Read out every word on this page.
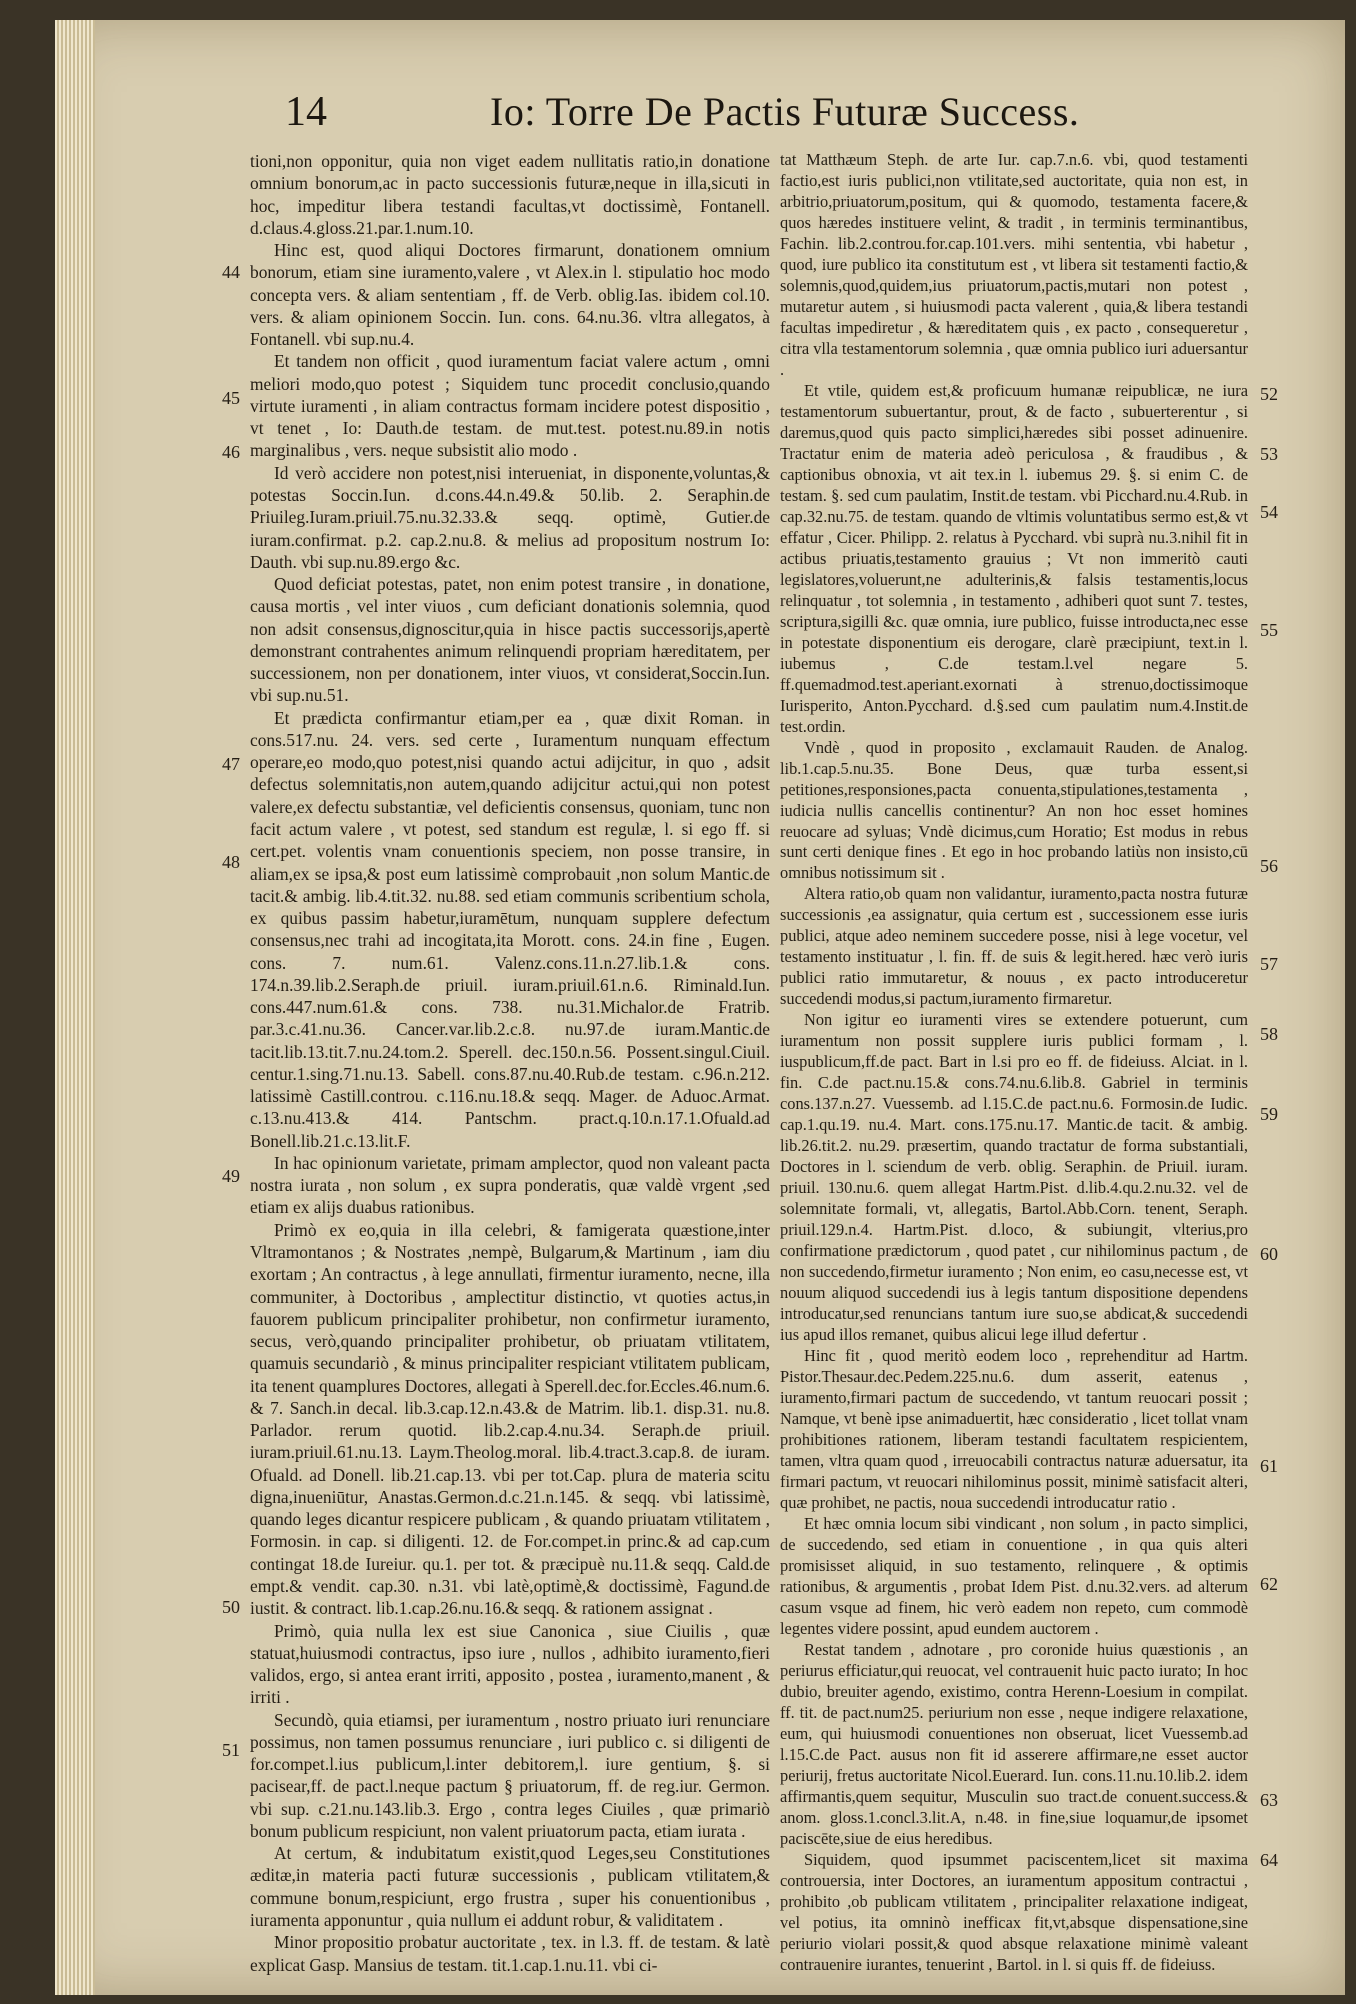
14	Io: Torre De Pactis Futuræ Success.

tioni,non opponitur, quia non viget eadem nullitatis ratio,in donatione omnium bonorum,ac in pacto successionis futuræ,neque in illa,sicuti in hoc, impeditur libera testandi facultas,vt doctissimè, Fontanell. d.claus.4.gloss.21.par.1.num.10.

Hinc est, quod aliqui Doctores firmarunt, donationem omnium bonorum, etiam sine iuramento,valere , vt Alex.in l. stipulatio hoc modo concepta vers. & aliam sententiam , ff. de Verb. oblig.Ias. ibidem col.10. vers. & aliam opinionem Soccin. Iun. cons. 64.nu.36. vltra allegatos, à Fontanell. vbi sup.nu.4.

Et tandem non officit , quod iuramentum faciat valere actum , omni meliori modo,quo potest ; Siquidem tunc procedit conclusio,quando virtute iuramenti , in aliam contractus formam incidere potest dispositio , vt tenet , Io: Dauth.de testam. de mut.test. potest.nu.89.in notis marginalibus , vers. neque subsistit alio modo .

Id verò accidere non potest,nisi interueniat, in disponente,voluntas,& potestas Soccin.Iun. d.cons.44.n.49.& 50.lib. 2. Seraphin.de Priuileg.Iuram.priuil.75.nu.32.33.& seqq. optimè, Gutier.de iuram.confirmat. p.2. cap.2.nu.8. & melius ad propositum nostrum Io: Dauth. vbi sup.nu.89.ergo &c.

Quod deficiat potestas, patet, non enim potest transire , in donatione, causa mortis , vel inter viuos , cum deficiant donationis solemnia, quod non adsit consensus,dignoscitur,quia in hisce pactis successorijs,apertè demonstrant contrahentes animum relinquendi propriam hæreditatem, per successionem, non per donationem, inter viuos, vt considerat,Soccin.Iun. vbi sup.nu.51.

Et prædicta confirmantur etiam,per ea , quæ dixit Roman. in cons.517.nu. 24. vers. sed certe , Iuramentum nunquam effectum operare,eo modo,quo potest,nisi quando actui adijcitur, in quo , adsit defectus solemnitatis,non autem,quando adijcitur actui,qui non potest valere,ex defectu substantiæ, vel deficientis consensus, quoniam, tunc non facit actum valere , vt potest, sed standum est regulæ, l. si ego ff. si cert.pet. volentis vnam conuentionis speciem, non posse transire, in aliam,ex se ipsa,& post eum latissimè comprobauit ,non solum Mantic.de tacit.& ambig. lib.4.tit.32. nu.88. sed etiam communis scribentium schola, ex quibus passim habetur,iuramētum, nunquam supplere defectum consensus,nec trahi ad incogitata,ita Morott. cons. 24.in fine , Eugen. cons. 7. num.61. Valenz.cons.11.n.27.lib.1.& cons. 174.n.39.lib.2.Seraph.de priuil. iuram.priuil.61.n.6. Riminald.Iun. cons.447.num.61.& cons. 738. nu.31.Michalor.de Fratrib. par.3.c.41.nu.36. Cancer.var.lib.2.c.8. nu.97.de iuram.Mantic.de tacit.lib.13.tit.7.nu.24.tom.2. Sperell. dec.150.n.56. Possent.singul.Ciuil. centur.1.sing.71.nu.13. Sabell. cons.87.nu.40.Rub.de testam. c.96.n.212. latissimè Castill.controu. c.116.nu.18.& seqq. Mager. de Aduoc.Armat. c.13.nu.413.& 414. Pantschm. pract.q.10.n.17.1.Ofuald.ad Bonell.lib.21.c.13.lit.F.

In hac opinionum varietate, primam amplector, quod non valeant pacta nostra iurata , non solum , ex supra ponderatis, quæ valdè vrgent ,sed etiam ex alijs duabus rationibus.

Primò ex eo,quia in illa celebri, & famigerata quæstione,inter Vltramontanos ; & Nostrates ,nempè, Bulgarum,& Martinum , iam diu exortam ; An contractus , à lege annullati, firmentur iuramento, necne, illa communiter, à Doctoribus , amplectitur distinctio, vt quoties actus,in fauorem publicum principaliter prohibetur, non confirmetur iuramento, secus, verò,quando principaliter prohibetur, ob priuatam vtilitatem, quamuis secundariò , & minus principaliter respiciant vtilitatem publicam, ita tenent quamplures Doctores, allegati à Sperell.dec.for.Eccles.46.num.6. & 7. Sanch.in decal. lib.3.cap.12.n.43.& de Matrim. lib.1. disp.31. nu.8. Parlador. rerum quotid. lib.2.cap.4.nu.34. Seraph.de priuil. iuram.priuil.61.nu.13. Laym.Theolog.moral. lib.4.tract.3.cap.8. de iuram. Ofuald. ad Donell. lib.21.cap.13. vbi per tot.Cap. plura de materia scitu digna,inueniūtur, Anastas.Germon.d.c.21.n.145. & seqq. vbi latissimè, quando leges dicantur respicere publicam , & quando priuatam vtilitatem , Formosin. in cap. si diligenti. 12. de For.compet.in princ.& ad cap.cum contingat 18.de Iureiur. qu.1. per tot. & præcipuè nu.11.& seqq. Cald.de empt.& vendit. cap.30. n.31. vbi latè,optimè,& doctissimè, Fagund.de iustit. & contract. lib.1.cap.26.nu.16.& seqq. & rationem assignat .

Primò, quia nulla lex est siue Canonica , siue Ciuilis , quæ statuat,huiusmodi contractus, ipso iure , nullos , adhibito iuramento,fieri validos, ergo, si antea erant irriti, apposito , postea , iuramento,manent , & irriti .

Secundò, quia etiamsi, per iuramentum , nostro priuato iuri renunciare possimus, non tamen possumus renunciare , iuri publico c. si diligenti de for.compet.l.ius publicum,l.inter debitorem,l. iure gentium, §. si pacisear,ff. de pact.l.neque pactum § priuatorum, ff. de reg.iur. Germon. vbi sup. c.21.nu.143.lib.3. Ergo , contra leges Ciuiles , quæ primariò bonum publicum respiciunt, non valent priuatorum pacta, etiam iurata .

At certum, & indubitatum existit,quod Leges,seu Constitutiones æditæ,in materia pacti futuræ successionis , publicam vtilitatem,& commune bonum,respiciunt, ergo frustra , super his conuentionibus , iuramenta apponuntur , quia nullum ei addunt robur, & validitatem .

Minor propositio probatur auctoritate , tex. in l.3. ff. de testam. & latè explicat Gasp. Mansius de testam. tit.1.cap.1.nu.11. vbi ci-

tat Matthæum Steph. de arte Iur. cap.7.n.6. vbi, quod testamenti factio,est iuris publici,non vtilitate,sed auctoritate, quia non est, in arbitrio,priuatorum,positum, qui & quomodo, testamenta facere,& quos hæredes instituere velint, & tradit , in terminis terminantibus, Fachin. lib.2.controu.for.cap.101.vers. mihi sententia, vbi habetur , quod, iure publico ita constitutum est , vt libera sit testamenti factio,& solemnis,quod,quidem,ius priuatorum,pactis,mutari non potest , mutaretur autem , si huiusmodi pacta valerent , quia,& libera testandi facultas impediretur , & hæreditatem quis , ex pacto , consequeretur , citra vlla testamentorum solemnia , quæ omnia publico iuri aduersantur .

Et vtile, quidem est,& proficuum humanæ reipublicæ, ne iura testamentorum subuertantur, prout, & de facto , subuerterentur , si daremus,quod quis pacto simplici,hæredes sibi posset adinuenire. Tractatur enim de materia adeò periculosa , & fraudibus , & captionibus obnoxia, vt ait tex.in l. iubemus 29. §. si enim C. de testam. §. sed cum paulatim, Instit.de testam. vbi Picchard.nu.4.Rub. in cap.32.nu.75. de testam. quando de vltimis voluntatibus sermo est,& vt effatur , Cicer. Philipp. 2. relatus à Pycchard. vbi suprà nu.3.nihil fit in actibus priuatis,testamento grauius ; Vt non immeritò cauti legislatores,voluerunt,ne adulterinis,& falsis testamentis,locus relinquatur , tot solemnia , in testamento , adhiberi quot sunt 7. testes, scriptura,sigilli &c. quæ omnia, iure publico, fuisse introducta,nec esse in potestate disponentium eis derogare, clarè præcipiunt, text.in l. iubemus , C.de testam.l.vel negare 5. ff.quemadmod.test.aperiant.exornati à strenuo,doctissimoque Iurisperito, Anton.Pycchard. d.§.sed cum paulatim num.4.Instit.de test.ordin.

Vndè , quod in proposito , exclamauit Rauden. de Analog. lib.1.cap.5.nu.35. Bone Deus, quæ turba essent,si petitiones,responsiones,pacta conuenta,stipulationes,testamenta , iudicia nullis cancellis continentur? An non hoc esset homines reuocare ad syluas; Vndè dicimus,cum Horatio; Est modus in rebus sunt certi denique fines . Et ego in hoc probando latiùs non insisto,cū omnibus notissimum sit .

Altera ratio,ob quam non validantur, iuramento,pacta nostra futuræ successionis ,ea assignatur, quia certum est , successionem esse iuris publici, atque adeo neminem succedere posse, nisi à lege vocetur, vel testamento instituatur , l. fin. ff. de suis & legit.hered. hæc verò iuris publici ratio immutaretur, & nouus , ex pacto introduceretur succedendi modus,si pactum,iuramento firmaretur.

Non igitur eo iuramenti vires se extendere potuerunt, cum iuramentum non possit supplere iuris publici formam , l. iuspublicum,ff.de pact. Bart in l.si pro eo ff. de fideiuss. Alciat. in l. fin. C.de pact.nu.15.& cons.74.nu.6.lib.8. Gabriel in terminis cons.137.n.27. Vuessemb. ad l.15.C.de pact.nu.6. Formosin.de Iudic. cap.1.qu.19. nu.4. Mart. cons.175.nu.17. Mantic.de tacit. & ambig. lib.26.tit.2. nu.29. præsertim, quando tractatur de forma substantiali, Doctores in l. sciendum de verb. oblig. Seraphin. de Priuil. iuram. priuil. 130.nu.6. quem allegat Hartm.Pist. d.lib.4.qu.2.nu.32. vel de solemnitate formali, vt, allegatis, Bartol.Abb.Corn. tenent, Seraph. priuil.129.n.4. Hartm.Pist. d.loco, & subiungit, vlterius,pro confirmatione prædictorum , quod patet , cur nihilominus pactum , de non succedendo,firmetur iuramento ; Non enim, eo casu,necesse est, vt nouum aliquod succedendi ius à legis tantum dispositione dependens introducatur,sed renuncians tantum iure suo,se abdicat,& succedendi ius apud illos remanet, quibus alicui lege illud defertur .

Hinc fit , quod meritò eodem loco , reprehenditur ad Hartm. Pistor.Thesaur.dec.Pedem.225.nu.6. dum asserit, eatenus , iuramento,firmari pactum de succedendo, vt tantum reuocari possit ; Namque, vt benè ipse animaduertit, hæc consideratio , licet tollat vnam prohibitiones rationem, liberam testandi facultatem respicientem, tamen, vltra quam quod , irreuocabili contractus naturæ aduersatur, ita firmari pactum, vt reuocari nihilominus possit, minimè satisfacit alteri, quæ prohibet, ne pactis, noua succedendi introducatur ratio .

Et hæc omnia locum sibi vindicant , non solum , in pacto simplici, de succedendo, sed etiam in conuentione , in qua quis alteri promisisset aliquid, in suo testamento, relinquere , & optimis rationibus, & argumentis , probat Idem Pist. d.nu.32.vers. ad alterum casum vsque ad finem, hic verò eadem non repeto, cum commodè legentes videre possint, apud eundem auctorem .

Restat tandem , adnotare , pro coronide huius quæstionis , an periurus efficiatur,qui reuocat, vel contrauenit huic pacto iurato; In hoc dubio, breuiter agendo, existimo, contra Herenn-Loesium in compilat. ff. tit. de pact.num25. periurium non esse , neque indigere relaxatione, eum, qui huiusmodi conuentiones non obseruat, licet Vuessemb.ad l.15.C.de Pact. ausus non fit id asserere affirmare,ne esset auctor periurij, fretus auctoritate Nicol.Euerard. Iun. cons.11.nu.10.lib.2. idem affirmantis,quem sequitur, Musculin suo tract.de conuent.success.& anom. gloss.1.concl.3.lit.A, n.48. in fine,siue loquamur,de ipsomet paciscēte,siue de eius heredibus.

Siquidem, quod ipsummet paciscentem,licet sit maxima controuersia, inter Doctores, an iuramentum appositum contractui , prohibito ,ob publicam vtilitatem , principaliter relaxatione indigeat, vel potius, ita omninò inefficax fit,vt,absque dispensatione,sine periurio violari possit,& quod absque relaxatione minimè valeant contrauenire iurantes, tenuerint , Bartol. in l. si quis ff. de fideiuss.

44
45
46
47
48
49
50
51
52
53
54
55
56
57
58
59
60
61
62
63
64
